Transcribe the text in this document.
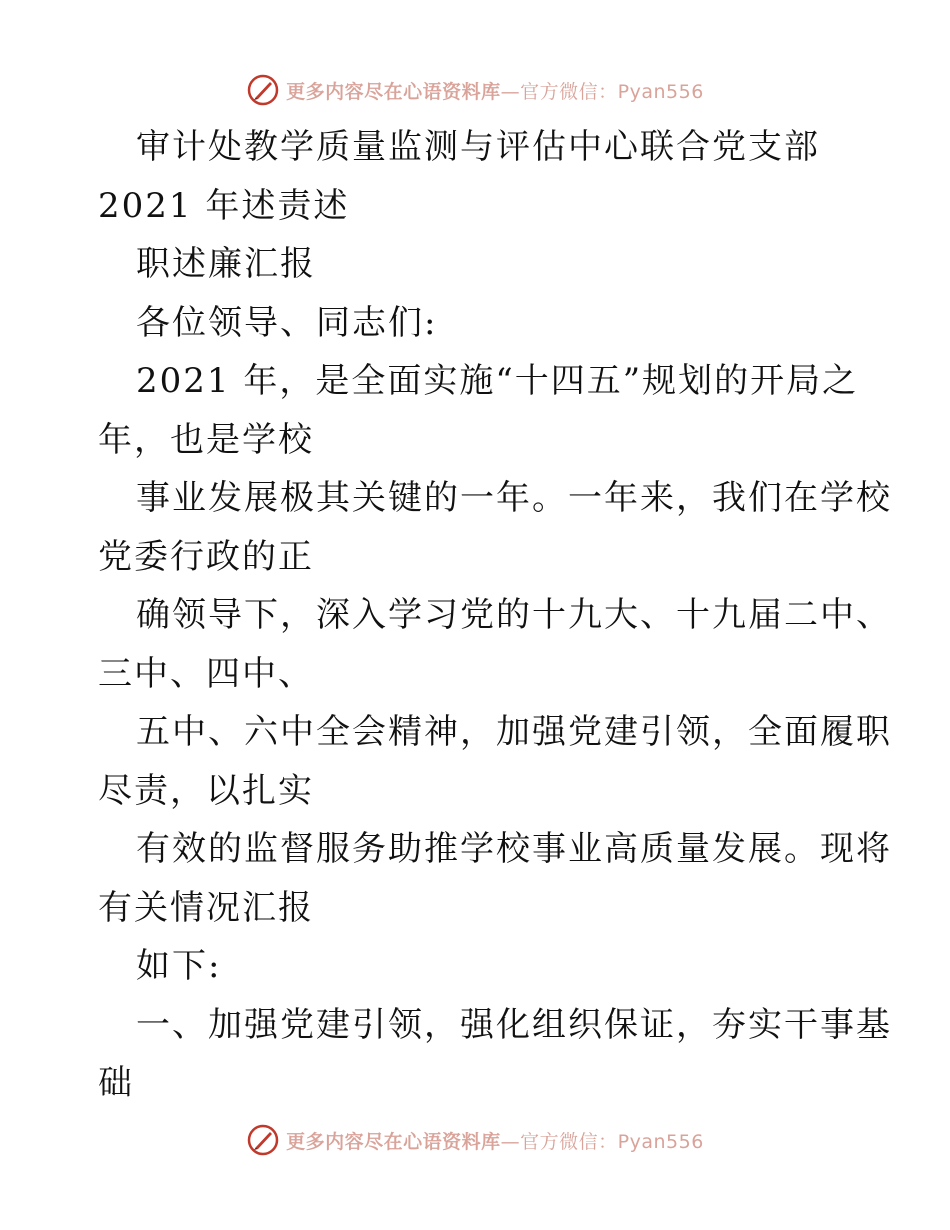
更多内容尽在心语资料库—官方微信：Pyan556
审计处教学质量监测与评估中心联合党支部
2021 年述责述
职述廉汇报
各位领导、同志们:
2021 年，是全面实施“十四五”规划的开局之
年，也是学校
事业发展极其关键的一年。一年来，我们在学校
党委行政的正
确领导下，深入学习党的十九大、十九届二中、
三中、四中、
五中、六中全会精神，加强党建引领，全面履职
尽责，以扎实
有效的监督服务助推学校事业高质量发展。现将
有关情况汇报
如下:
一、加强党建引领，强化组织保证，夯实干事基
础
更多内容尽在心语资料库—官方微信：Pyan556
